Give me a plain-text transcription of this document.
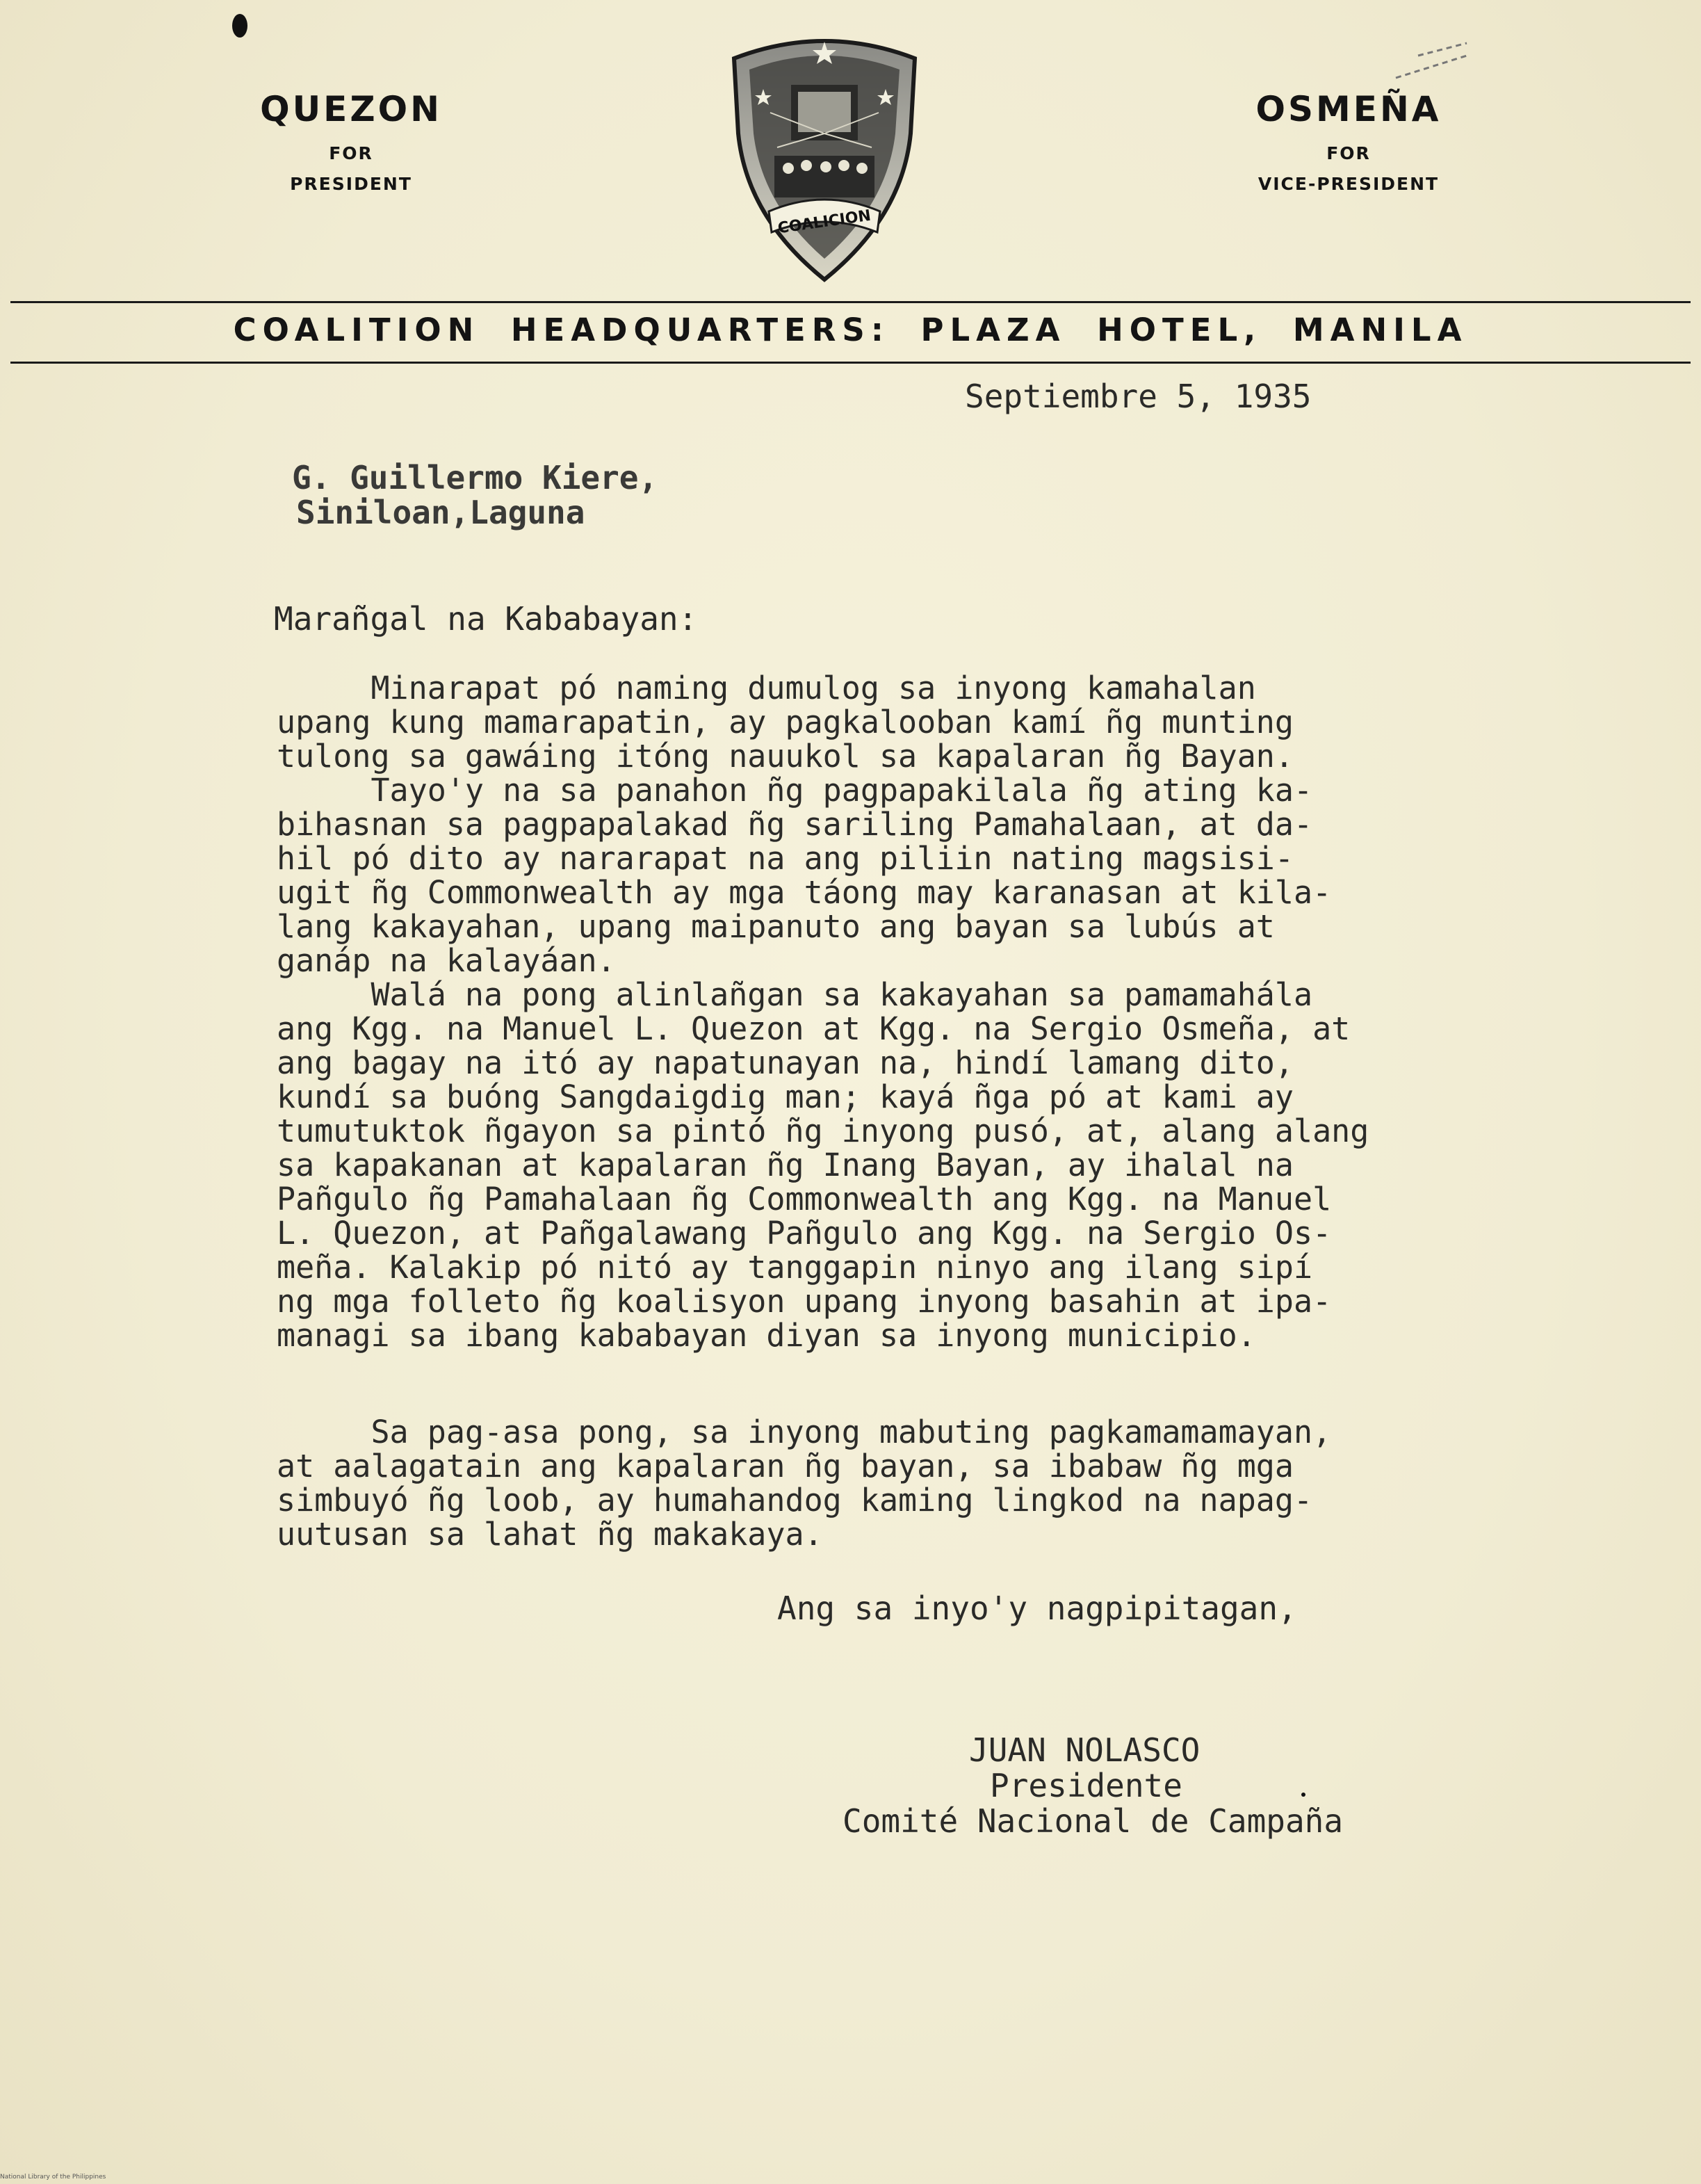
QUEZON
FOR
PRESIDENT
OSMEÑA
FOR
VICE-PRESIDENT
COALICION
COALITION HEADQUARTERS: PLAZA HOTEL, MANILA
Septiembre 5, 1935
G. Guillermo Kiere,
Siniloan,Laguna
Marañgal na Kababayan:
Minarapat pó naming dumulog sa inyong kamahalan
upang kung mamarapatin, ay pagkalooban kamí ñg munting
tulong sa gawáing itóng nauukol sa kapalaran ñg Bayan.
Tayo'y na sa panahon ñg pagpapakilala ñg ating ka-
bihasnan sa pagpapalakad ñg sariling Pamahalaan, at da-
hil pó dito ay nararapat na ang piliin nating magsisi-
ugit ñg Commonwealth ay mga táong may karanasan at kila-
lang kakayahan, upang maipanuto ang bayan sa lubús at
ganáp na kalayáan.
Walá na pong alinlañgan sa kakayahan sa pamamahála
ang Kgg. na Manuel L. Quezon at Kgg. na Sergio Osmeña, at
ang bagay na itó ay napatunayan na, hindí lamang dito,
kundí sa buóng Sangdaigdig man; kayá ñga pó at kami ay
tumutuktok ñgayon sa pintó ñg inyong pusó, at, alang alang
sa kapakanan at kapalaran ñg Inang Bayan, ay ihalal na
Pañgulo ñg Pamahalaan ñg Commonwealth ang Kgg. na Manuel
L. Quezon, at Pañgalawang Pañgulo ang Kgg. na Sergio Os-
meña. Kalakip pó nitó ay tanggapin ninyo ang ilang sipí
ng mga folleto ñg koalisyon upang inyong basahin at ipa-
managi sa ibang kababayan diyan sa inyong municipio.
Sa pag-asa pong, sa inyong mabuting pagkamamamayan,
at aalagatain ang kapalaran ñg bayan, sa ibabaw ñg mga
simbuyó ñg loob, ay humahandog kaming lingkod na napag-
uutusan sa lahat ñg makakaya.
Ang sa inyo'y nagpipitagan,
JUAN NOLASCO
Presidente
Comité Nacional de Campaña
National Library of the Philippines
